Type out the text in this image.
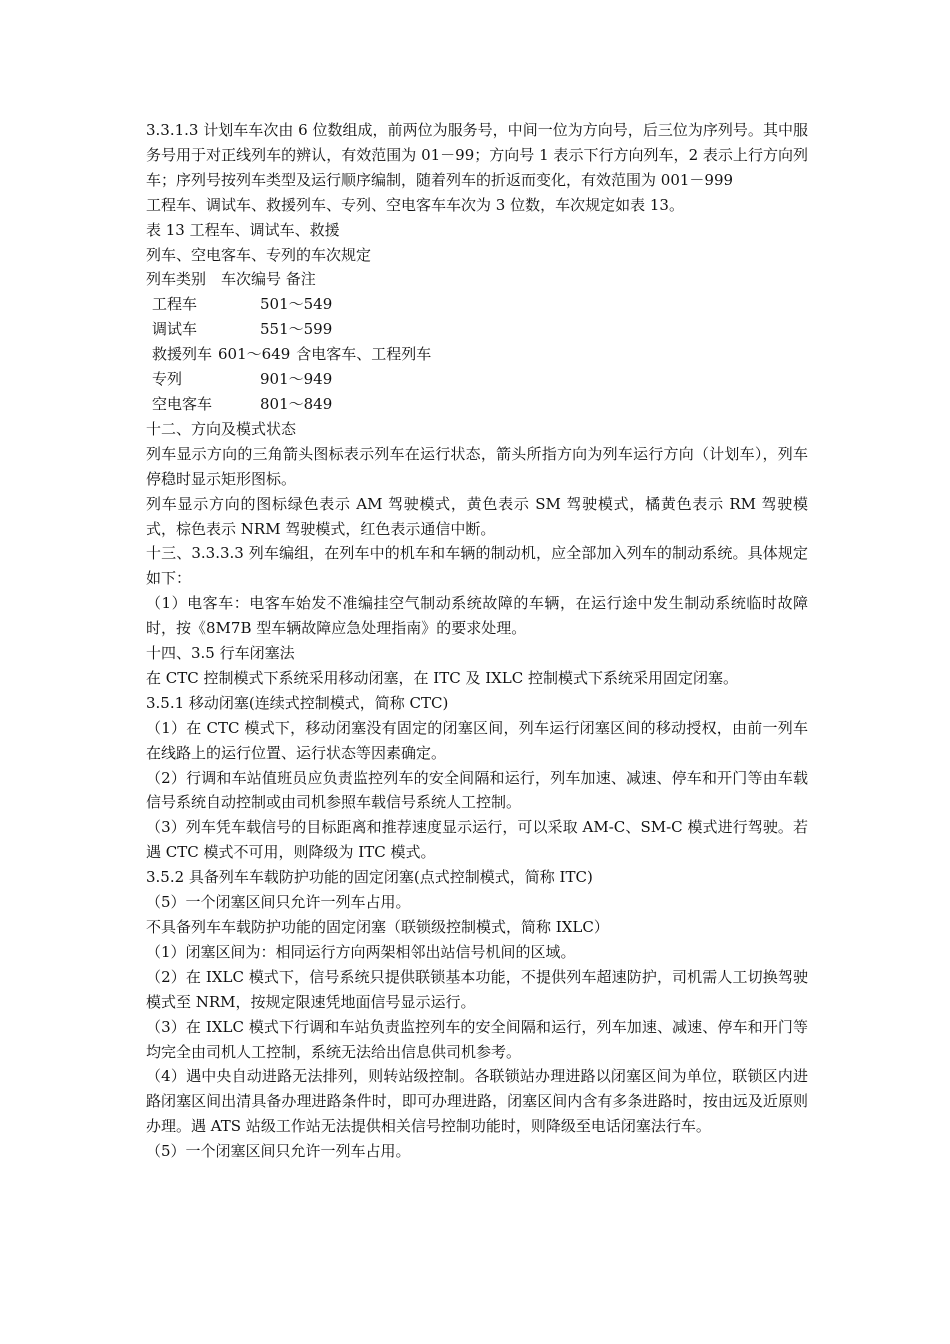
3.3.1.3 计划车车次由 6 位数组成，前两位为服务号，中间一位为方向号，后三位为序列号。其中服务号用于对正线列车的辨认，有效范围为 01－99；方向号 1 表示下行方向列车，2 表示上行方向列车；序列号按列车类型及运行顺序编制，随着列车的折返而变化，有效范围为 001－999

工程车、调试车、救援列车、专列、空电客车车次为 3 位数，车次规定如表 13。

表 13 工程车、调试车、救援

列车、空电客车、专列的车次规定

列车类别　车次编号 备注

工程车	501～549
调试车	551～599
救援列车 601～649 含电客车、工程列车
专列	901～949
空电客车	801～849

十二、方向及模式状态

列车显示方向的三角箭头图标表示列车在运行状态，箭头所指方向为列车运行方向（计划车），列车停稳时显示矩形图标。

列车显示方向的图标绿色表示 AM 驾驶模式，黄色表示 SM 驾驶模式，橘黄色表示 RM 驾驶模式，棕色表示 NRM 驾驶模式，红色表示通信中断。

十三、3.3.3.3 列车编组，在列车中的机车和车辆的制动机，应全部加入列车的制动系统。具体规定如下：

（1）电客车：电客车始发不准编挂空气制动系统故障的车辆，在运行途中发生制动系统临时故障时，按《8M7B 型车辆故障应急处理指南》的要求处理。

十四、3.5 行车闭塞法

在 CTC 控制模式下系统采用移动闭塞，在 ITC 及 IXLC 控制模式下系统采用固定闭塞。

3.5.1 移动闭塞(连续式控制模式，简称 CTC)

（1）在 CTC 模式下，移动闭塞没有固定的闭塞区间，列车运行闭塞区间的移动授权，由前一列车在线路上的运行位置、运行状态等因素确定。

（2）行调和车站值班员应负责监控列车的安全间隔和运行，列车加速、减速、停车和开门等由车载信号系统自动控制或由司机参照车载信号系统人工控制。

（3）列车凭车载信号的目标距离和推荐速度显示运行，可以采取 AM-C、SM-C 模式进行驾驶。若遇 CTC 模式不可用，则降级为 ITC 模式。

3.5.2 具备列车车载防护功能的固定闭塞(点式控制模式，简称 ITC)

（5）一个闭塞区间只允许一列车占用。

不具备列车车载防护功能的固定闭塞（联锁级控制模式，简称 IXLC）

（1）闭塞区间为：相同运行方向两架相邻出站信号机间的区域。

（2）在 IXLC 模式下，信号系统只提供联锁基本功能，不提供列车超速防护，司机需人工切换驾驶模式至 NRM，按规定限速凭地面信号显示运行。

（3）在 IXLC 模式下行调和车站负责监控列车的安全间隔和运行，列车加速、减速、停车和开门等均完全由司机人工控制，系统无法给出信息供司机参考。

（4）遇中央自动进路无法排列，则转站级控制。各联锁站办理进路以闭塞区间为单位，联锁区内进路闭塞区间出清具备办理进路条件时，即可办理进路，闭塞区间内含有多条进路时，按由远及近原则办理。遇 ATS 站级工作站无法提供相关信号控制功能时，则降级至电话闭塞法行车。

（5）一个闭塞区间只允许一列车占用。
